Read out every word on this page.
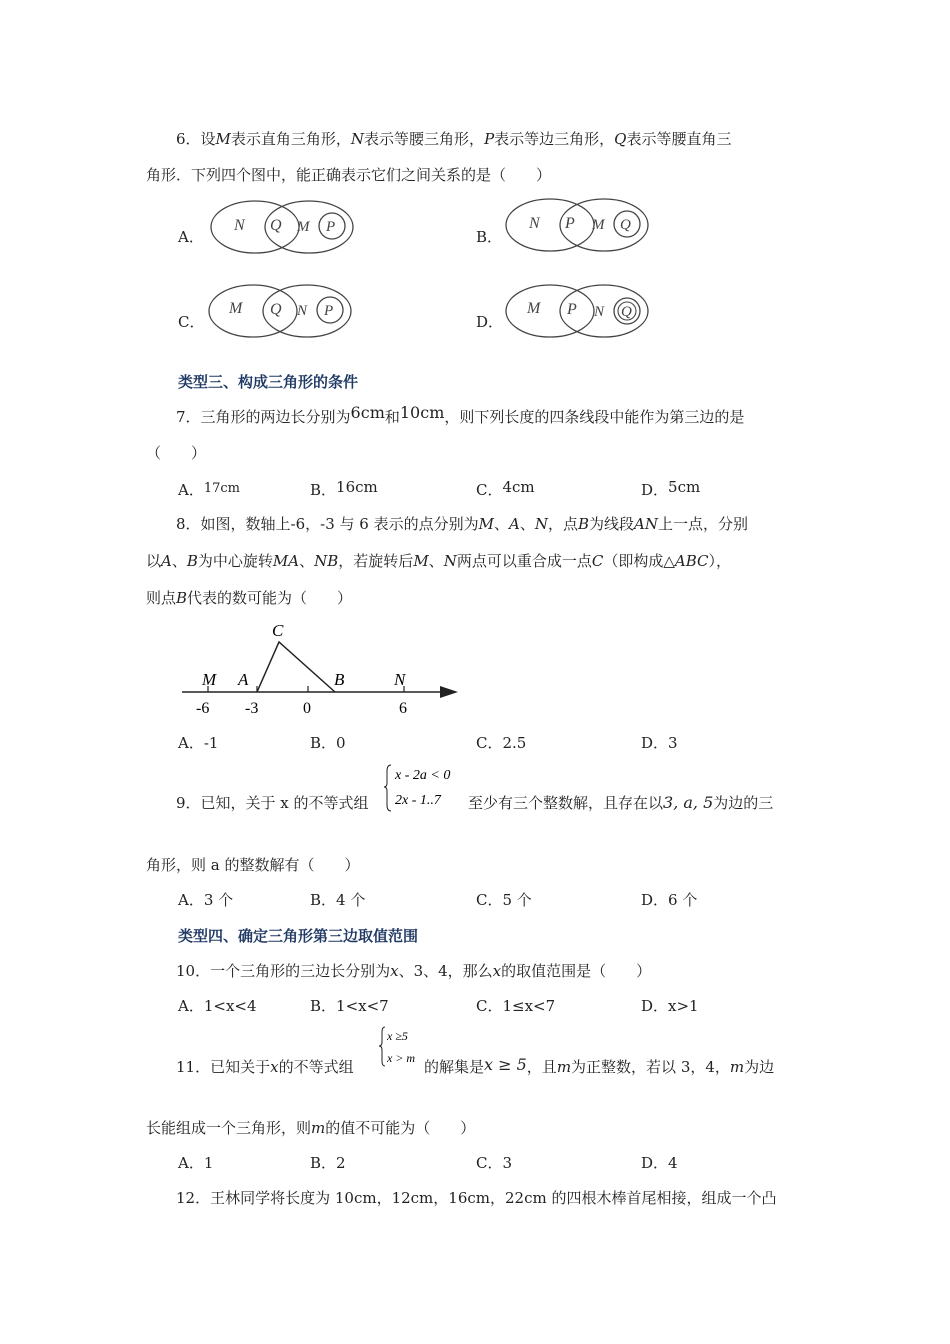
6．设M表示直角三角形，N表示等腰三角形，P表示等边三角形，Q表示等腰直角三
角形．下列四个图中，能正确表示它们之间关系的是（　　）
A．
N Q M P
B．
N P M Q
C．
M Q N P
D．
M P N Q
类型三、构成三角形的条件
7．三角形的两边长分别为6cm和10cm，则下列长度的四条线段中能作为第三边的是
（　　）
A．17cm	B．16cm	C．4cm	D．5cm
8．如图，数轴上-6，-3 与 6 表示的点分别为M、A、N，点B为线段AN上一点，分别
以A、B为中心旋转MA、NB，若旋转后M、N两点可以重合成一点C（即构成△ABC），
则点B代表的数可能为（　　）
M A	B	N
C
-6 -3	0	6
A．-1	B．0	C．2.5	D．3
9．已知，关于 x 的不等式组
x - 2a < 0
2x - 1..7 至少有三个整数解，且存在以3, a, 5为边的三
角形，则 a 的整数解有（　　）
A．3 个	B．4 个	C．5 个	D．6 个
类型四、确定三角形第三边取值范围
10．一个三角形的三边长分别为x、3、4，那么x的取值范围是（　　）
A．1<x<4	B．1<x<7	C．1≤x<7	D．x>1
11．已知关于x的不等式组
x ≥5
x > m 的解集是x ≥ 5，且m为正整数，若以 3，4，m为边
长能组成一个三角形，则m的值不可能为（　　）
A．1	B．2	C．3	D．4
12．王林同学将长度为 10cm，12cm，16cm，22cm 的四根木棒首尾相接，组成一个凸
